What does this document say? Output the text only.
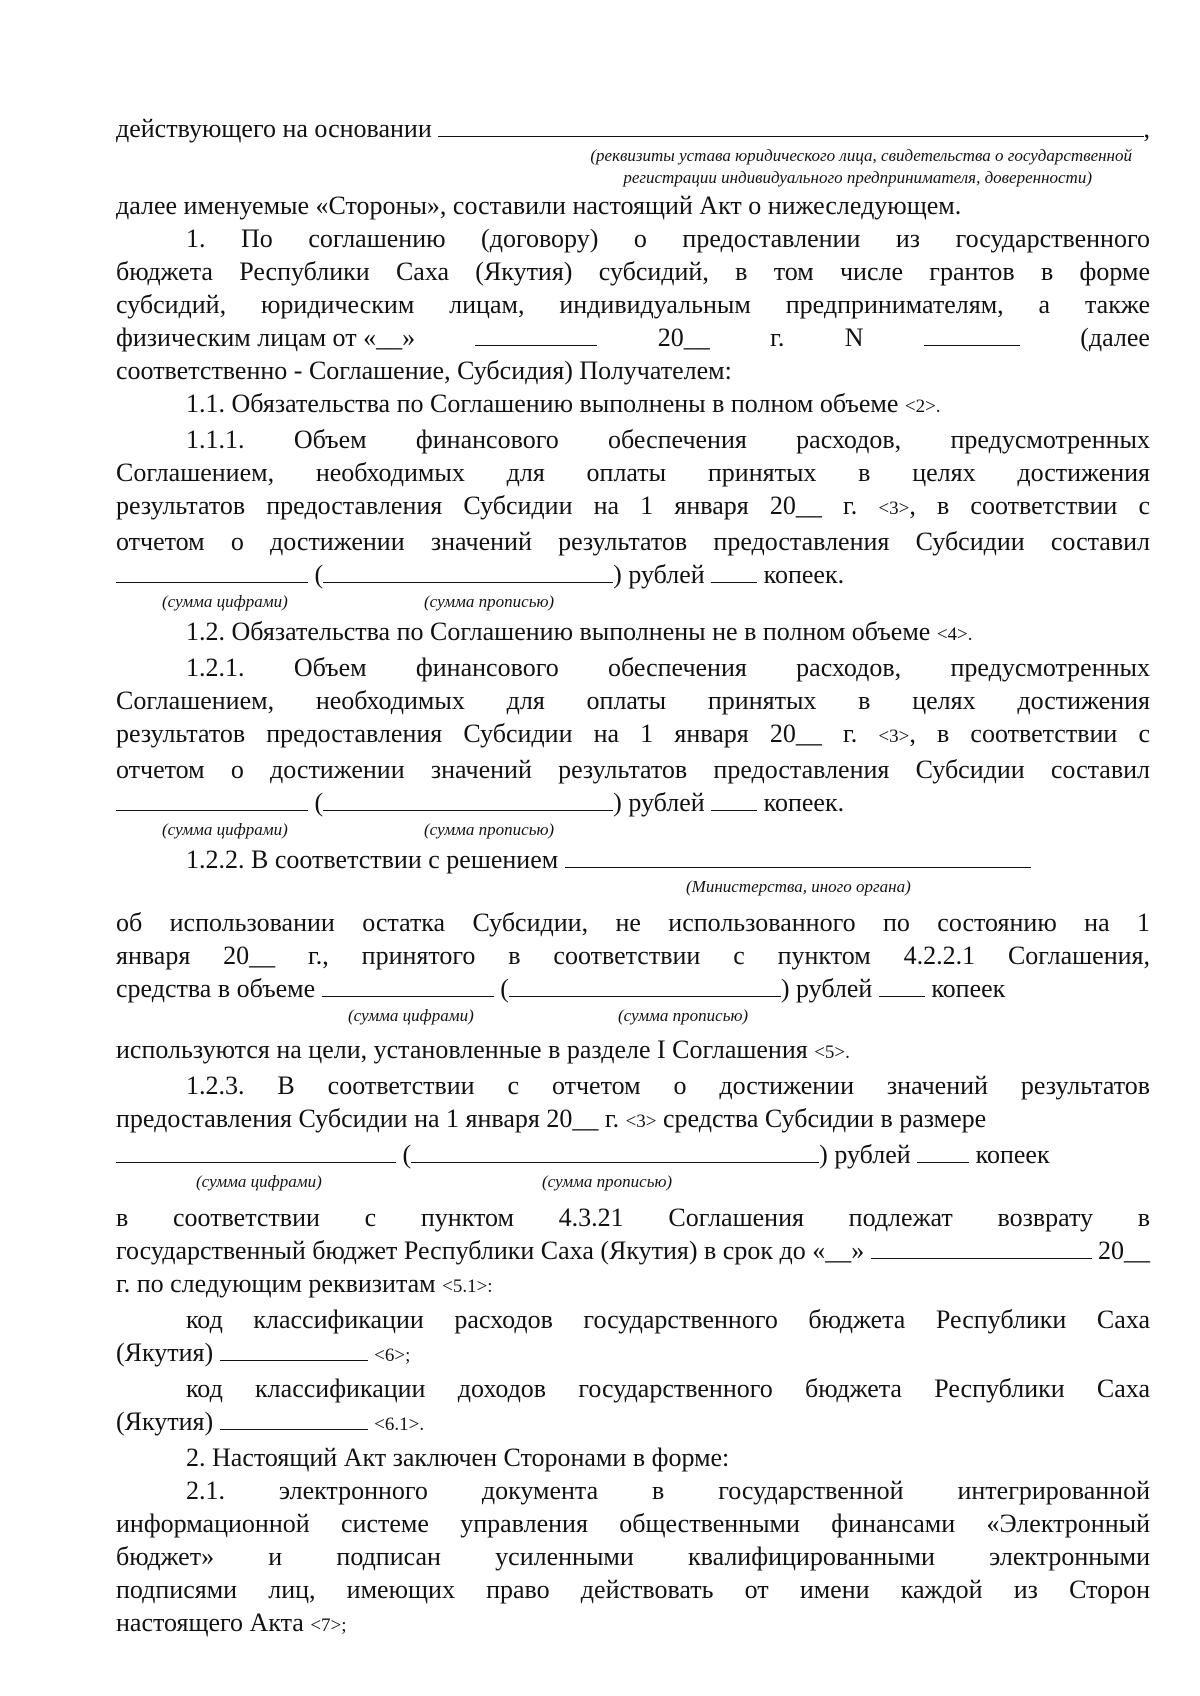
действующего на основании
	,
(реквизиты устава юридического лица, свидетельства о государственной
регистрации индивидуального предпринимателя, доверенности)

далее именуемые «Стороны», составили настоящий Акт о нижеследующем.

1. По соглашению (договору) о предоставлении из государственного

бюджета Республики Саха (Якутия) субсидий, в том числе грантов в форме

субсидий, юридическим лицам, индивидуальным предпринимателям, а также

физическим лицам от «__»	20__ г. N	(далее

соответственно - Соглашение, Субсидия) Получателем:

1.1. Обязательства по Соглашению выполнены в полном объеме <2>.

1.1.1. Объем финансового обеспечения расходов, предусмотренных

Соглашением, необходимых для оплаты принятых в целях достижения

результатов предоставления Субсидии на 1 января 20__ г. <3>, в соответствии с

отчетом о достижении значений результатов предоставления Субсидии составил

(	) рублей

копеек.
(сумма цифрами)	(сумма прописью)

1.2. Обязательства по Соглашению выполнены не в полном объеме <4>.

1.2.1. Объем финансового обеспечения расходов, предусмотренных

Соглашением, необходимых для оплаты принятых в целях достижения

результатов предоставления Субсидии на 1 января 20__ г. <3>, в соответствии с

отчетом о достижении значений результатов предоставления Субсидии составил

(	) рублей

копеек.
(сумма цифрами)	(сумма прописью)
1.2.2. В соответствии с решением

(Министерства, иного органа)

об использовании остатка Субсидии, не использованного по состоянию на 1

января 20__ г., принятого в соответствии с пунктом 4.2.2.1 Соглашения,

средства в объеме

	(	) рублей

копеек
(сумма цифрами)	(сумма прописью)

используются на цели, установленные в разделе I Соглашения <5>.

1.2.3. В соответствии с отчетом о достижении значений результатов

предоставления Субсидии на 1 января 20__ г. <3> средства Субсидии в размере

(	) рублей

	копеек
(сумма цифрами)	(сумма прописью)

в соответствии с пунктом 4.3.21 Соглашения подлежат возврату в

государственный бюджет Республики Саха (Якутия) в срок до «__»

	20__

г. по следующим реквизитам <5.1>:

код классификации расходов государственного бюджета Республики Саха

(Якутия)

	<6>;

код классификации доходов государственного бюджета Республики Саха

(Якутия)

	<6.1>.

2. Настоящий Акт заключен Сторонами в форме:

2.1. электронного документа в государственной интегрированной

информационной системе управления общественными финансами «Электронный

бюджет» и подписан усиленными квалифицированными электронными

подписями лиц, имеющих право действовать от имени каждой из Сторон

настоящего Акта <7>;
